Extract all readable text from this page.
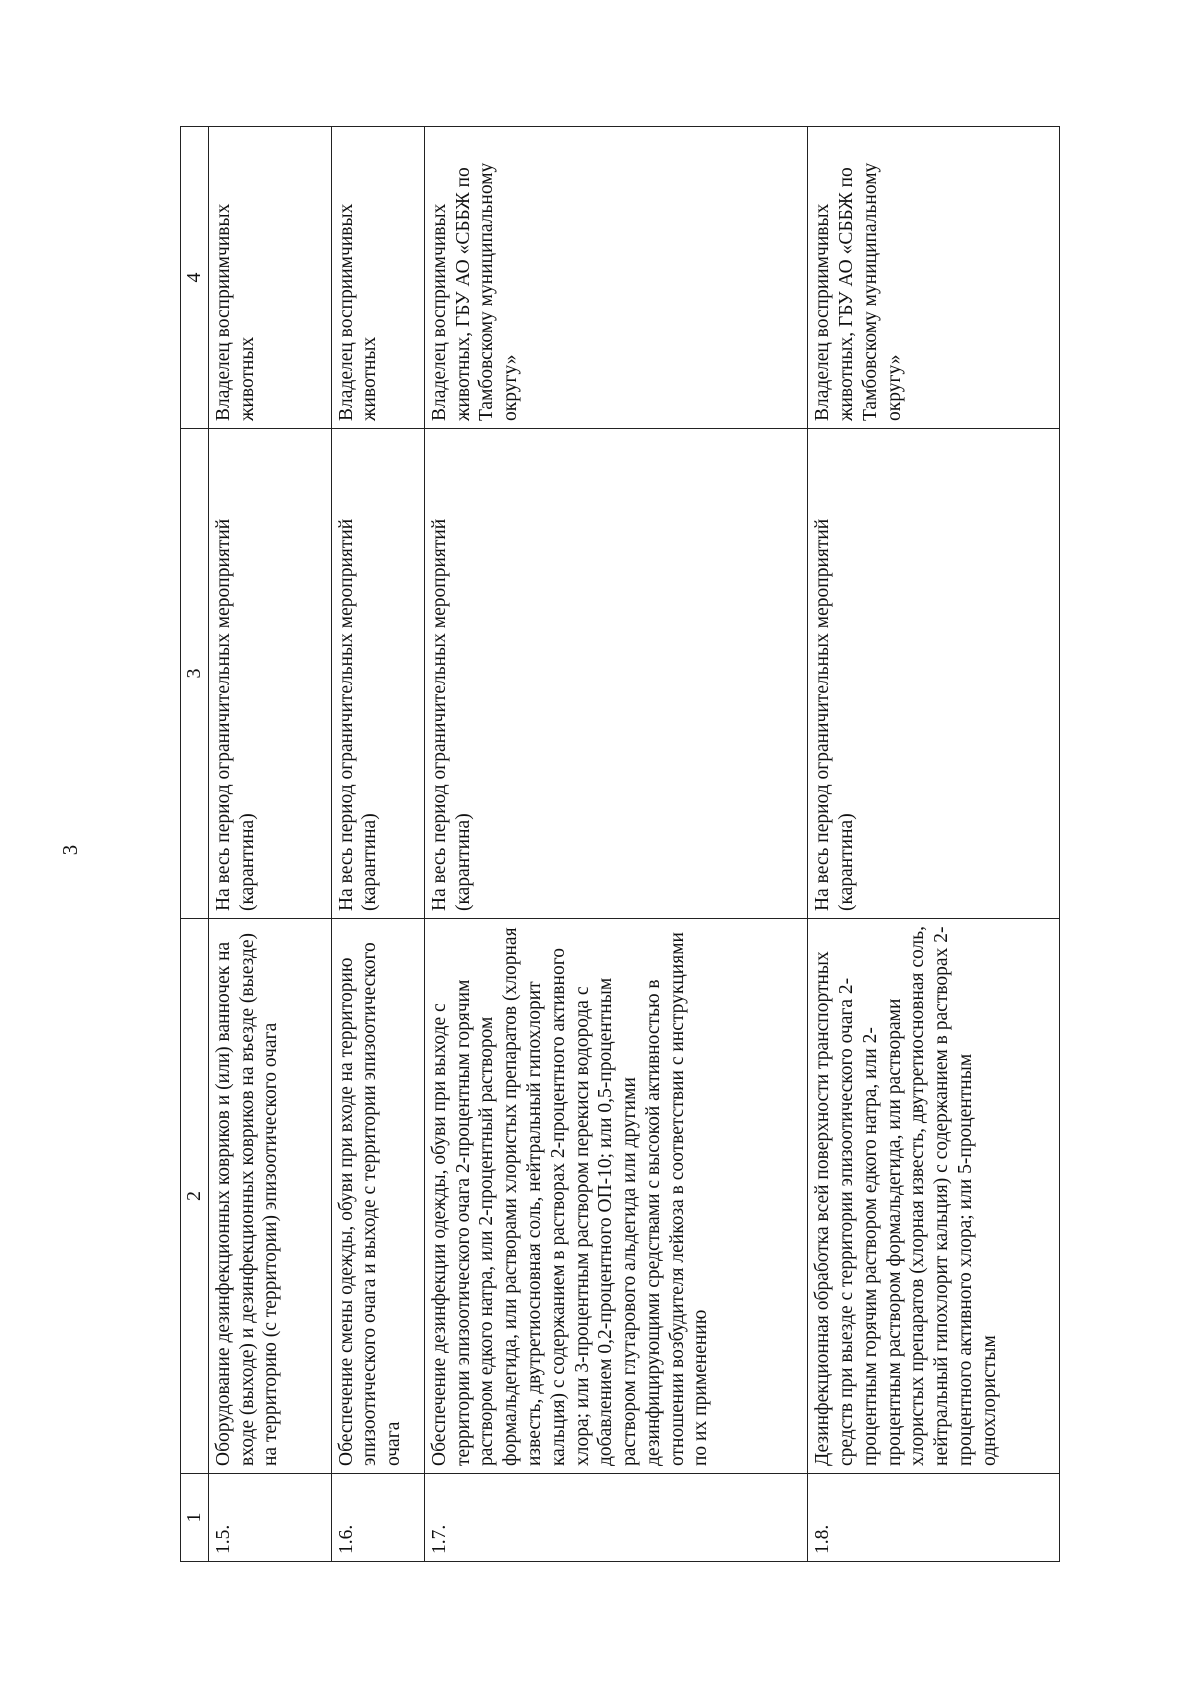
3
1	2	3	4
1.5.	Оборудование дезинфекционных ковриков и (или) ванночек на входе (выходе) и дезинфекционных ковриков на въезде (выезде) на территорию (с территории) эпизоотического очага	На весь период ограничительных мероприятий (карантина)	Владелец восприимчивых животных
1.6.	Обеспечение смены одежды, обуви при входе на территорию эпизоотического очага и выходе с территории эпизоотического очага	На весь период ограничительных мероприятий (карантина)	Владелец восприимчивых животных
1.7.	Обеспечение дезинфекции одежды, обуви при выходе с территории эпизоотического очага 2-процентным горячим раствором едкого натра, или 2-процентный раствором формальдегида, или растворами хлористых препаратов (хлорная известь, двутретиосновная соль, нейтральный гипохлорит кальция) с содержанием в растворах 2-процентного активного хлора; или 3-процентным раствором перекиси водорода с добавлением 0,2-процентного ОП-10; или 0,5-процентным раствором глутарового альдегида или другими дезинфицирующими средствами с высокой активностью в отношении возбудителя лейкоза в соответствии с инструкциями по их применению	На весь период ограничительных мероприятий (карантина)	Владелец восприимчивых животных, ГБУ АО «СББЖ по Тамбовскому муниципальному округу»
1.8.	Дезинфекционная обработка всей поверхности транспортных средств при выезде с территории эпизоотического очага 2-процентным горячим раствором едкого натра, или 2-процентным раствором формальдегида, или растворами хлористых препаратов (хлорная известь, двутретиосновная соль, нейтральный гипохлорит кальция) с содержанием в растворах 2-процентного активного хлора; или 5-процентным однохлористым	На весь период ограничительных мероприятий (карантина)	Владелец восприимчивых животных, ГБУ АО «СББЖ по Тамбовскому муниципальному округу»
